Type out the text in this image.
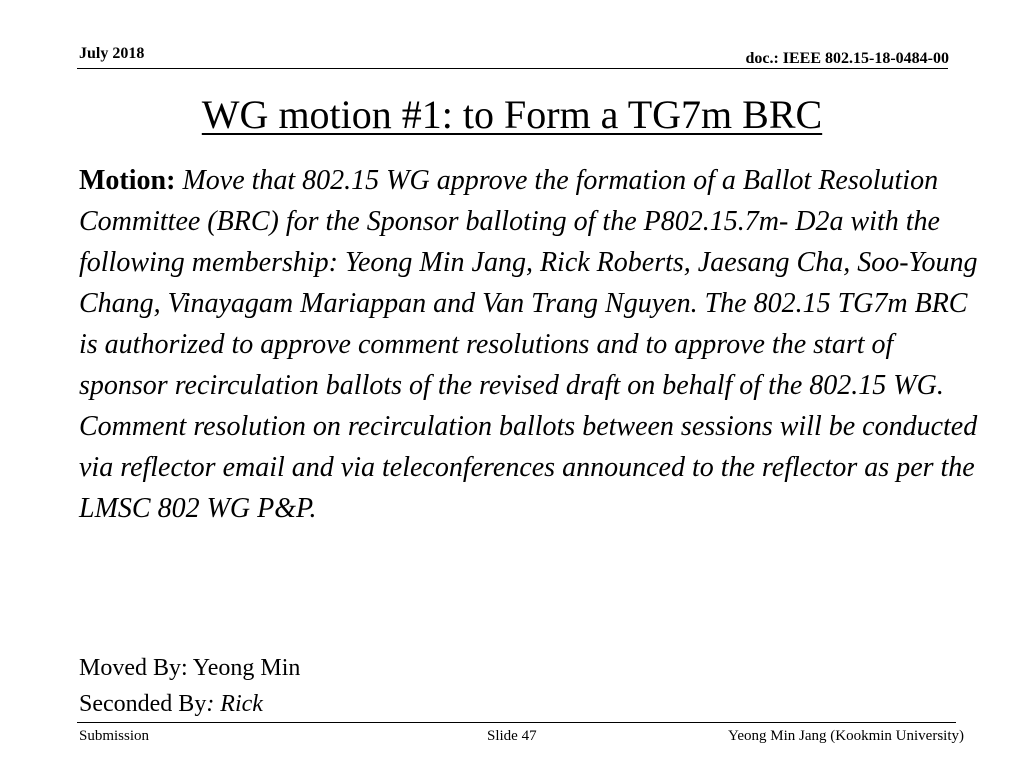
July 2018	doc.: IEEE 802.15-18-0484-00
WG motion #1: to Form a TG7m BRC
Motion: Move that 802.15 WG approve the formation of a Ballot Resolution Committee (BRC) for the Sponsor balloting of the P802.15.7m- D2a with the following membership: Yeong Min Jang, Rick Roberts, Jaesang Cha, Soo-Young Chang, Vinayagam Mariappan and Van Trang Nguyen. The 802.15 TG7m BRC is authorized to approve comment resolutions and to approve the start of sponsor recirculation ballots of the revised draft on behalf of the 802.15 WG. Comment resolution on recirculation ballots between sessions will be conducted via reflector email and via teleconferences announced to the reflector as per the LMSC 802 WG P&P.
Moved By: Yeong Min
Seconded By: Rick
Submission	Slide 47	Yeong Min Jang (Kookmin University)
